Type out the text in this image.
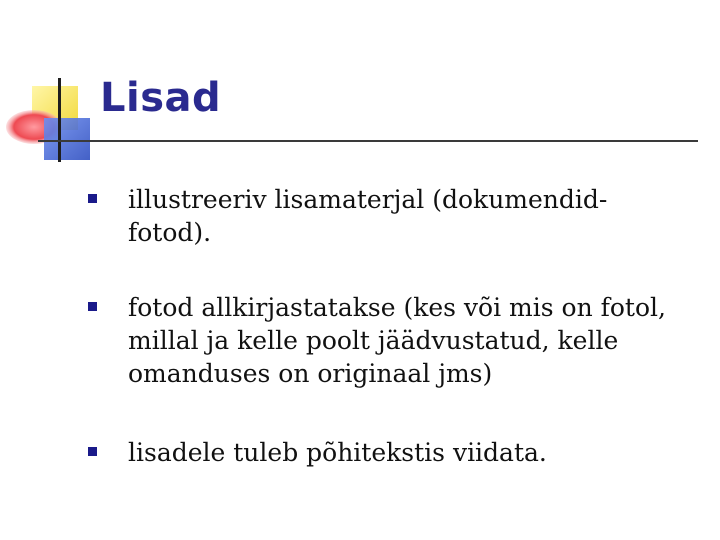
Lisad
illustreeriv lisamaterjal (dokumendid-fotod).
fotod allkirjastatakse (kes või mis on fotol, millal ja kelle poolt jäädvustatud, kelle omanduses on originaal jms)
lisadele tuleb põhitekstis viidata.
